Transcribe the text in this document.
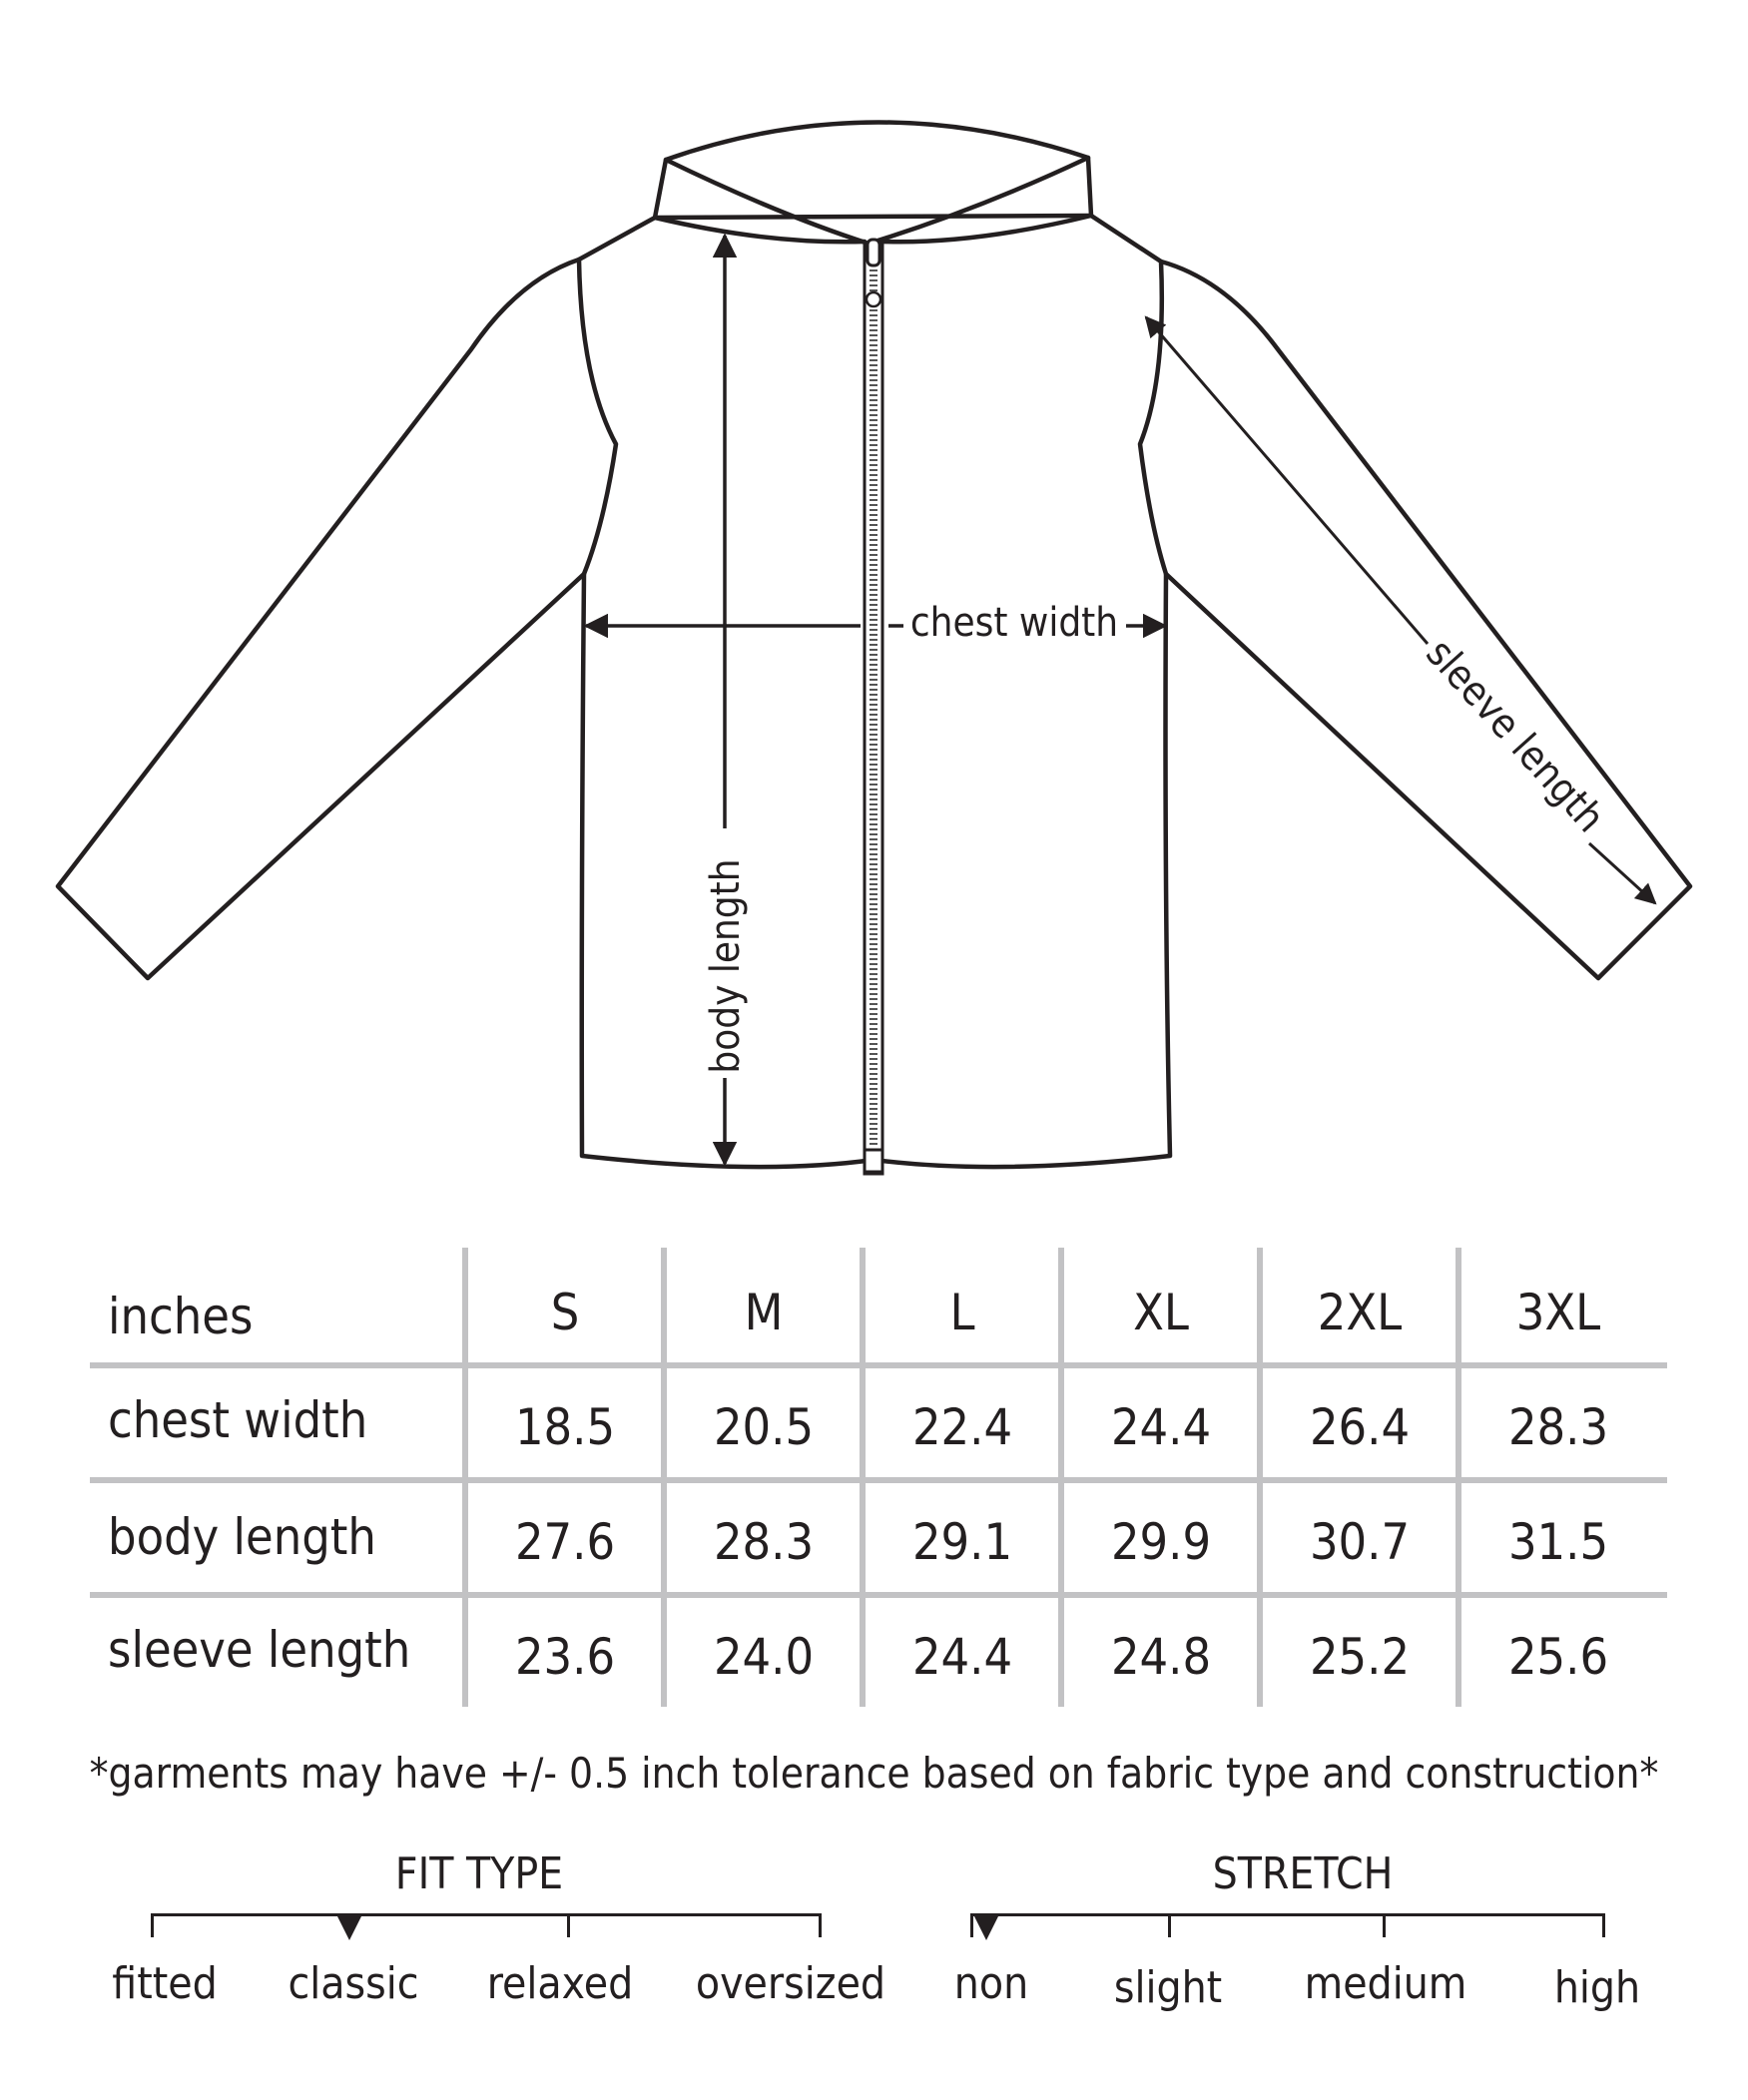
chest width
body length
sleeve length
inches	S	M	L	XL	2XL	3XL
chest width	18.5	20.5	22.4	24.4	26.4	28.3
body length	27.6	28.3	29.1	29.9	30.7	31.5
sleeve length	23.6	24.0	24.4	24.8	25.2	25.6
*garments may have +/- 0.5 inch tolerance based on fabric type and construction*
FIT TYPE
fitted	classic	relaxed	oversized
STRETCH
non	slight	medium	high
